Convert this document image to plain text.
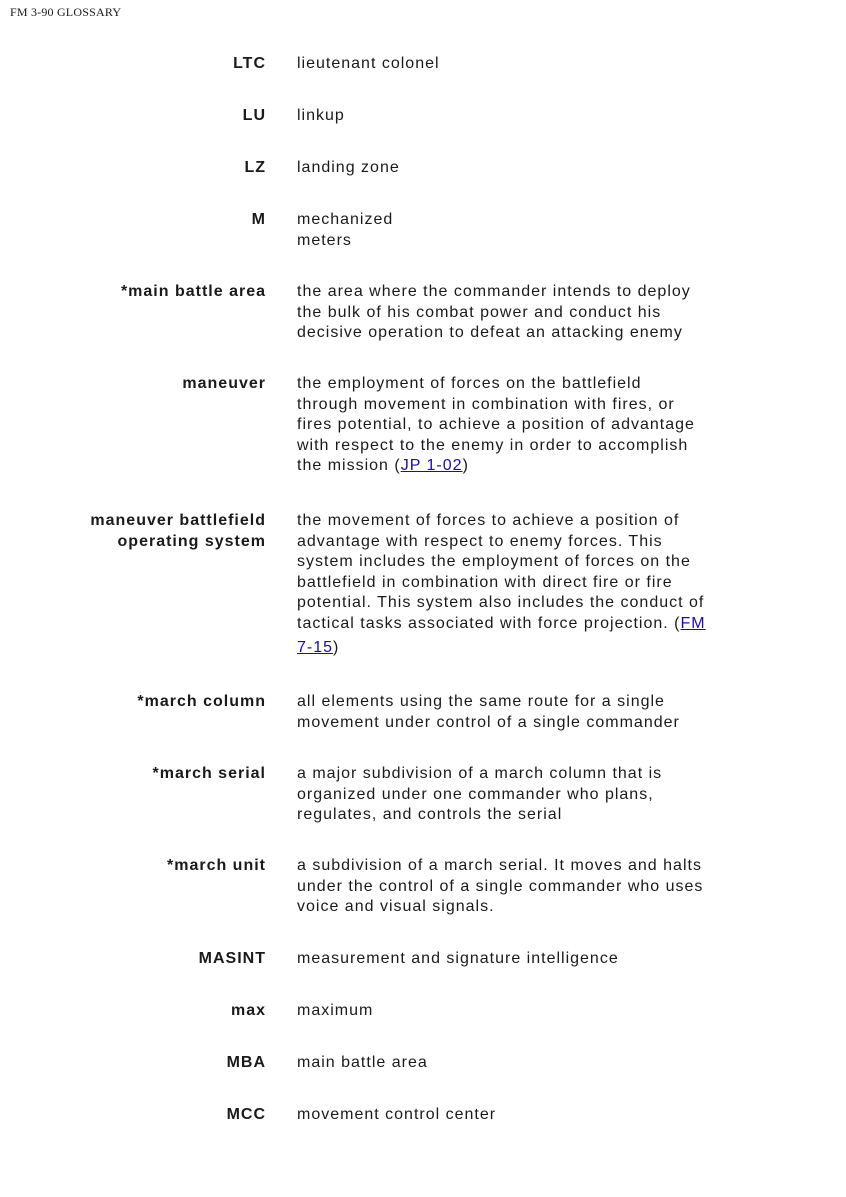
FM 3-90 GLOSSARY
LTC lieutenant colonel
LU linkup
LZ landing zone
M mechanized
meters
*main battle area the area where the commander intends to deploy
the bulk of his combat power and conduct his
decisive operation to defeat an attacking enemy
maneuver the employment of forces on the battlefield
through movement in combination with fires, or
fires potential, to achieve a position of advantage
with respect to the enemy in order to accomplish
the mission (JP 1-02)
maneuver battlefield
operating system
the movement of forces to achieve a position of
advantage with respect to enemy forces. This
system includes the employment of forces on the
battlefield in combination with direct fire or fire
potential. This system also includes the conduct of
tactical tasks associated with force projection. (FM
7-15)
*march column all elements using the same route for a single
movement under control of a single commander
*march serial a major subdivision of a march column that is
organized under one commander who plans,
regulates, and controls the serial
*march unit a subdivision of a march serial. It moves and halts
under the control of a single commander who uses
voice and visual signals.
MASINT measurement and signature intelligence
max maximum
MBA main battle area
MCC movement control center
